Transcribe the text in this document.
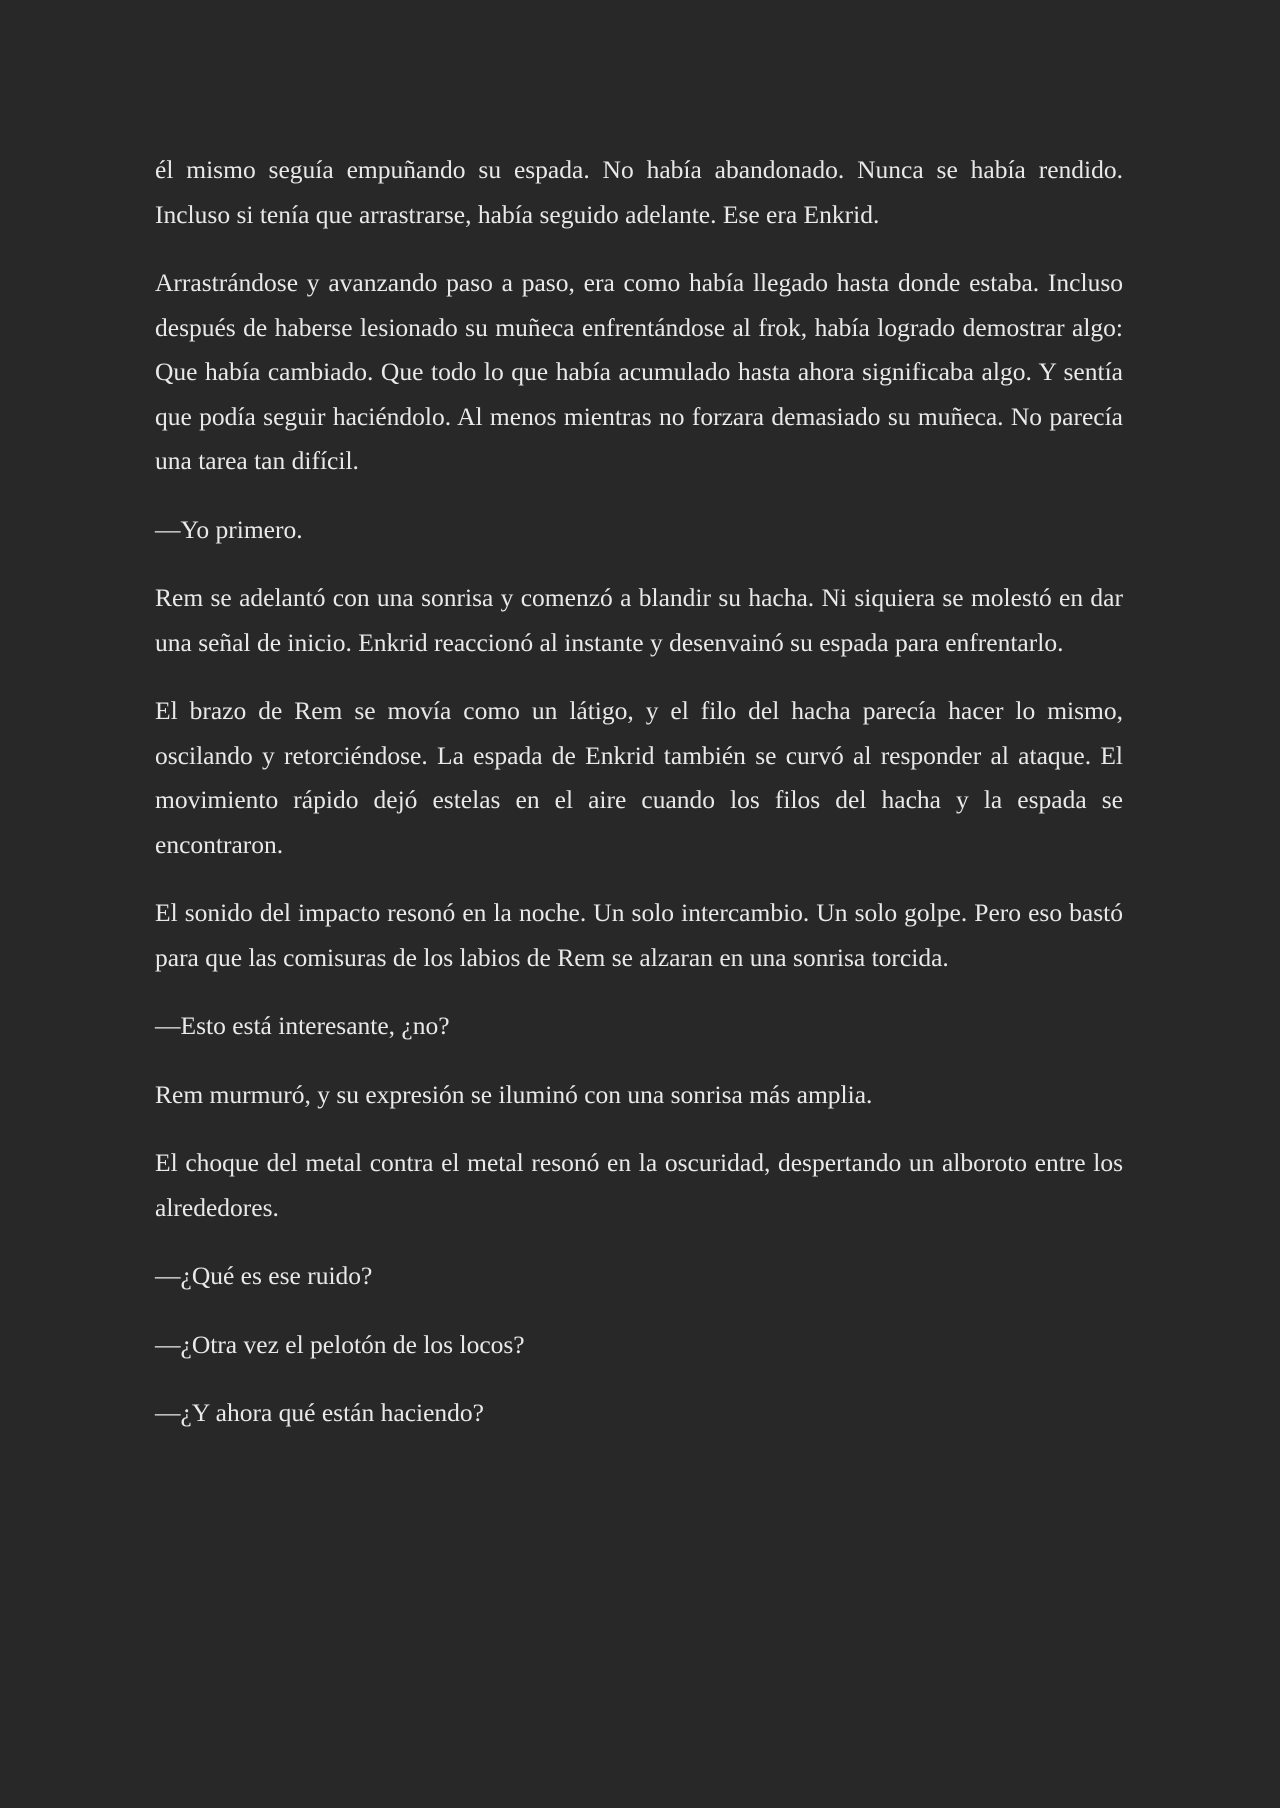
él mismo seguía empuñando su espada. No había abandonado. Nunca se había rendido. Incluso si tenía que arrastrarse, había seguido adelante. Ese era Enkrid.

Arrastrándose y avanzando paso a paso, era como había llegado hasta donde estaba. Incluso después de haberse lesionado su muñeca enfrentándose al frok, había logrado demostrar algo: Que había cambiado. Que todo lo que había acumulado hasta ahora significaba algo. Y sentía que podía seguir haciéndolo. Al menos mientras no forzara demasiado su muñeca. No parecía una tarea tan difícil.

—Yo primero.

Rem se adelantó con una sonrisa y comenzó a blandir su hacha. Ni siquiera se molestó en dar una señal de inicio. Enkrid reaccionó al instante y desenvainó su espada para enfrentarlo.

El brazo de Rem se movía como un látigo, y el filo del hacha parecía hacer lo mismo, oscilando y retorciéndose. La espada de Enkrid también se curvó al responder al ataque. El movimiento rápido dejó estelas en el aire cuando los filos del hacha y la espada se encontraron.

El sonido del impacto resonó en la noche. Un solo intercambio. Un solo golpe. Pero eso bastó para que las comisuras de los labios de Rem se alzaran en una sonrisa torcida.

—Esto está interesante, ¿no?

Rem murmuró, y su expresión se iluminó con una sonrisa más amplia.

El choque del metal contra el metal resonó en la oscuridad, despertando un alboroto entre los alrededores.

—¿Qué es ese ruido?

—¿Otra vez el pelotón de los locos?

—¿Y ahora qué están haciendo?
